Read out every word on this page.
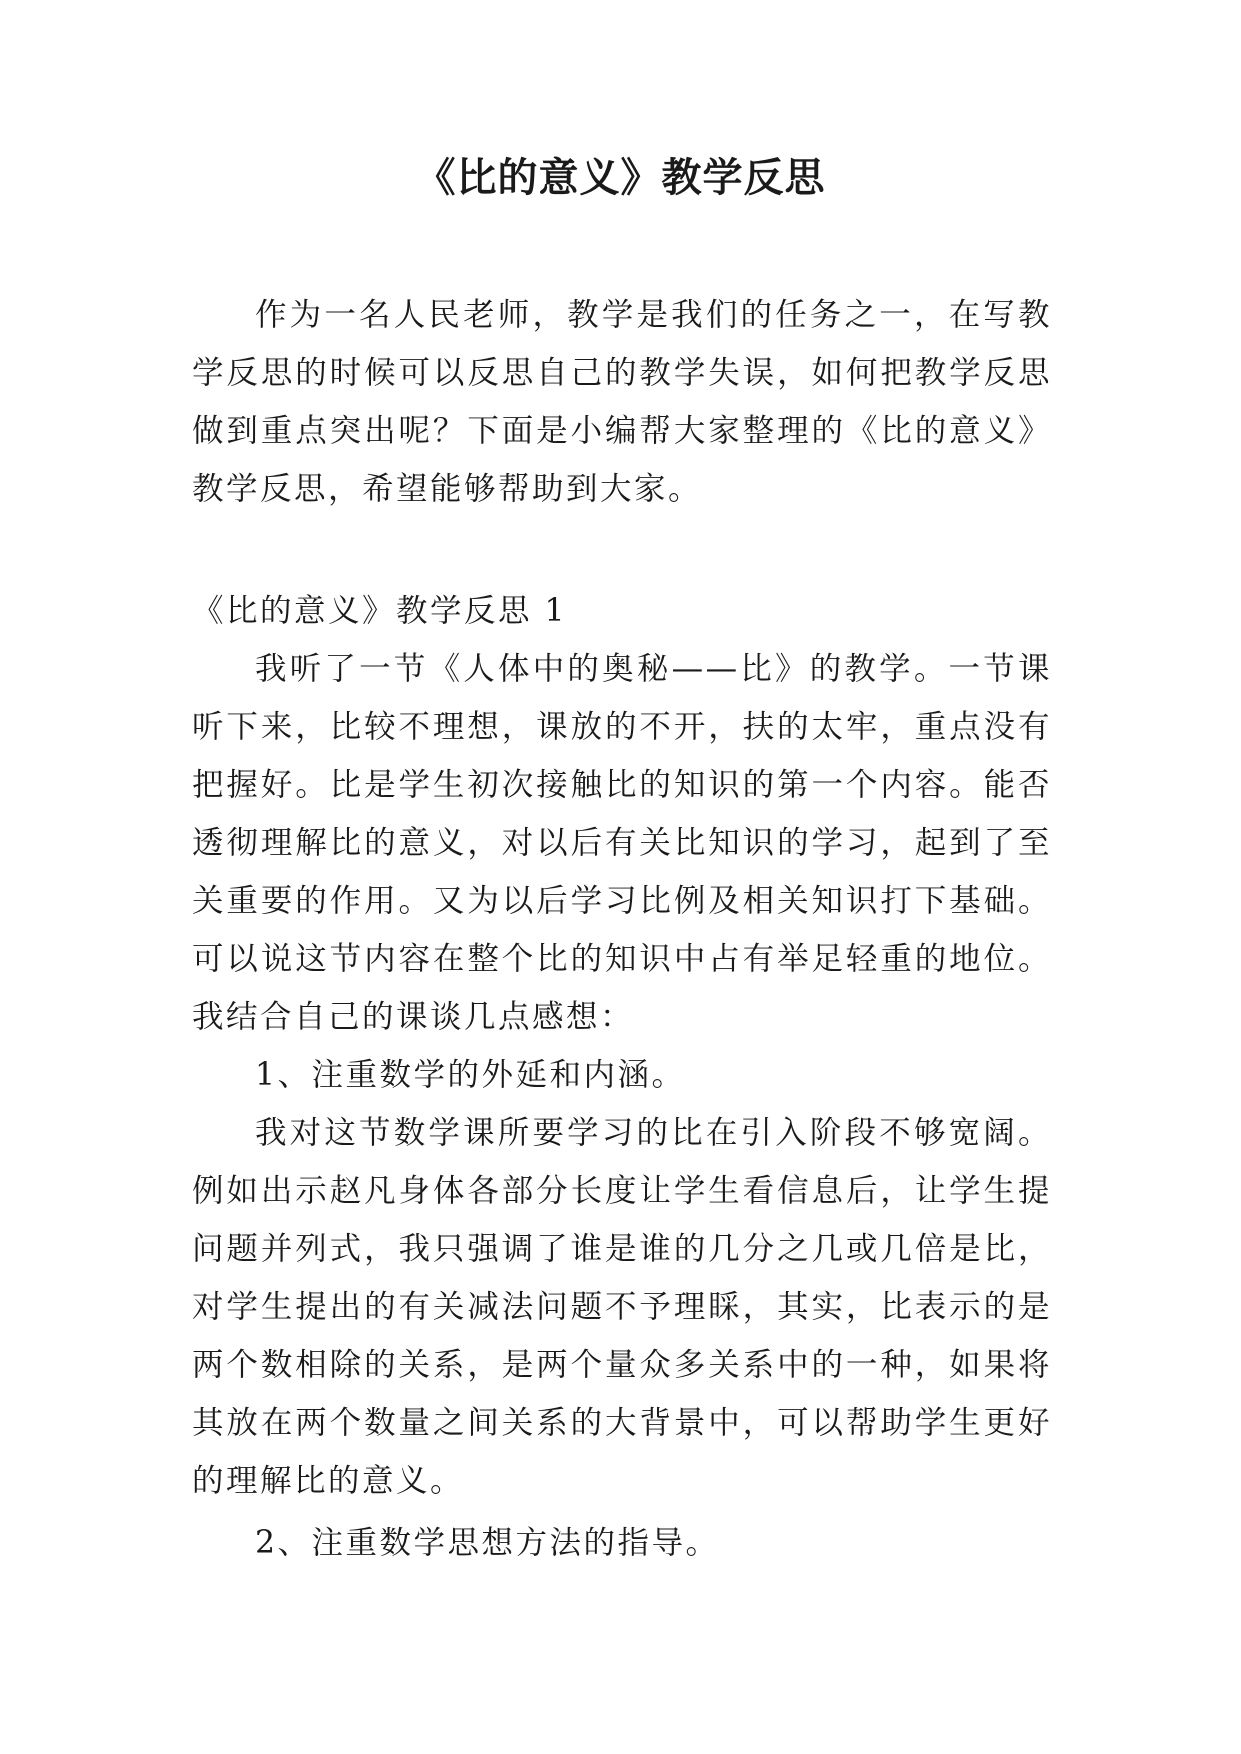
《比的意义》教学反思

作为一名人民老师，教学是我们的任务之一，在写教学反思的时候可以反思自己的教学失误，如何把教学反思做到重点突出呢？下面是小编帮大家整理的《比的意义》教学反思，希望能够帮助到大家。

《比的意义》教学反思 1

我听了一节《人体中的奥秘——比》的教学。一节课听下来，比较不理想，课放的不开，扶的太牢，重点没有把握好。比是学生初次接触比的知识的第一个内容。能否透彻理解比的意义，对以后有关比知识的学习，起到了至关重要的作用。又为以后学习比例及相关知识打下基础。可以说这节内容在整个比的知识中占有举足轻重的地位。我结合自己的课谈几点感想：

1、注重数学的外延和内涵。

我对这节数学课所要学习的比在引入阶段不够宽阔。例如出示赵凡身体各部分长度让学生看信息后，让学生提问题并列式，我只强调了谁是谁的几分之几或几倍是比，对学生提出的有关减法问题不予理睬，其实，比表示的是两个数相除的关系，是两个量众多关系中的一种，如果将其放在两个数量之间关系的大背景中，可以帮助学生更好的理解比的意义。

2、注重数学思想方法的指导。
